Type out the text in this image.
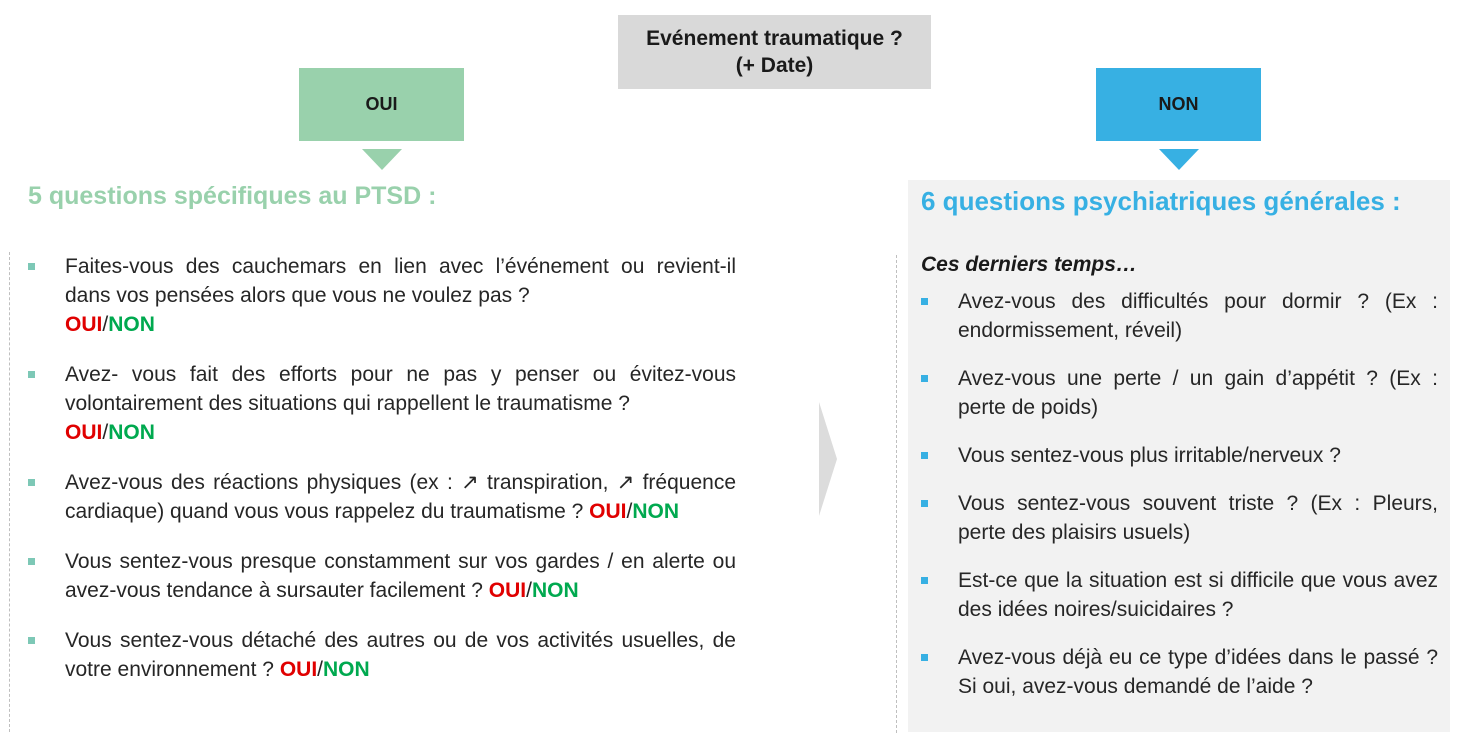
Evénement traumatique ?
(+ Date)
OUI	NON
5 questions spécifiques au PTSD :
Faites-vous des cauchemars en lien avec l’événement ou revient-il dans vos pensées alors que vous ne voulez pas ?
OUI/NON
Avez- vous fait des efforts pour ne pas y penser ou évitez-vous volontairement des situations qui rappellent le traumatisme ?
OUI/NON
Avez-vous des réactions physiques (ex : ↗ transpiration, ↗ fréquence cardiaque) quand vous vous rappelez du traumatisme ? OUI/NON
Vous sentez-vous presque constamment sur vos gardes / en alerte ou avez-vous tendance à sursauter facilement ? OUI/NON
Vous sentez-vous détaché des autres ou de vos activités usuelles, de votre environnement ? OUI/NON
6 questions psychiatriques générales :
Ces derniers temps…
Avez-vous des difficultés pour dormir ? (Ex : endormissement, réveil)
Avez-vous une perte / un gain d’appétit ? (Ex : perte de poids)
Vous sentez-vous plus irritable/nerveux ?
Vous sentez-vous souvent triste ? (Ex : Pleurs, perte des plaisirs usuels)
Est-ce que la situation est si difficile que vous avez des idées noires/suicidaires ?
Avez-vous déjà eu ce type d’idées dans le passé ? Si oui, avez-vous demandé de l’aide ?
